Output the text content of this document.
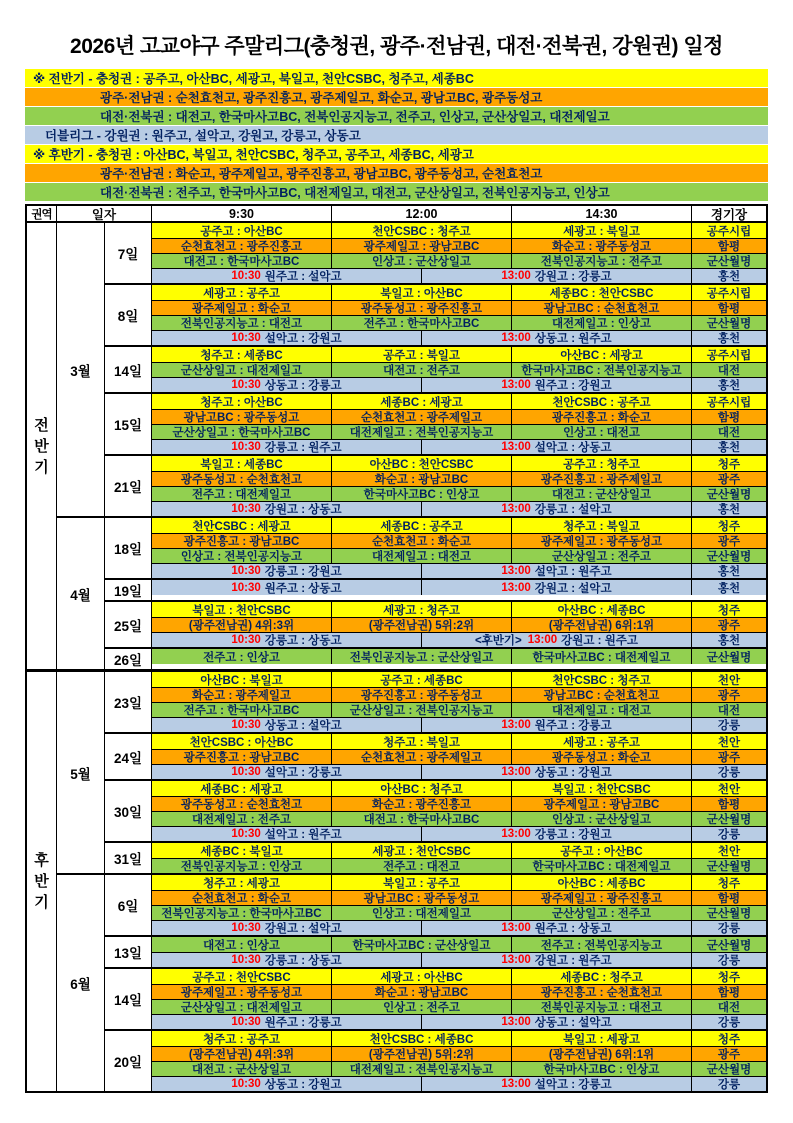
2026년 고교야구 주말리그(충청권, 광주·전남권, 대전·전북권, 강원권) 일정
※ 전반기 - 충청권 : 공주고, 아산BC, 세광고, 북일고, 천안CSBC, 청주고, 세종BC
광주·전남권 : 순천효천고, 광주진흥고, 광주제일고, 화순고, 광남고BC, 광주동성고
대전·전북권 : 대전고, 한국마사고BC, 전북인공지능고, 전주고, 인상고, 군산상일고, 대전제일고
더블리그 - 강원권 : 원주고, 설악고, 강원고, 강릉고, 상동고
※ 후반기 - 충청권 : 아산BC, 북일고, 천안CSBC, 청주고, 공주고, 세종BC, 세광고
광주·전남권 : 화순고, 광주제일고, 광주진흥고, 광남고BC, 광주동성고, 순천효천고
대전·전북권 : 전주고, 한국마사고BC, 대전제일고, 대전고, 군산상일고, 전북인공지능고, 인상고
권역	일자	9:30	12:00	14:30	경기장
전
반
기
3월
7일
공주고 : 아산BC	천안CSBC : 청주고	세광고 : 북일고	공주시립
순천효천고 : 광주진흥고	광주제일고 : 광남고BC	화순고 : 광주동성고	함평
대전고 : 한국마사고BC	인상고 : 군산상일고	전북인공지능고 : 전주고	군산월명
10:30 원주고 : 설악고	13:00 강원고 : 강릉고	홍천
8일
세광고 : 공주고	북일고 : 아산BC	세종BC : 천안CSBC	공주시립
광주제일고 : 화순고	광주동성고 : 광주진흥고	광남고BC : 순천효천고	함평
전북인공지능고 : 대전고	전주고 : 한국마사고BC	대전제일고 : 인상고	군산월명
10:30 설악고 : 강원고	13:00 상동고 : 원주고	홍천
14일
청주고 : 세종BC	공주고 : 북일고	아산BC : 세광고	공주시립
군산상일고 : 대전제일고	대전고 : 전주고	한국마사고BC : 전북인공지능고	대전
10:30 상동고 : 강릉고	13:00 원주고 : 강원고	홍천
15일
청주고 : 아산BC	세종BC : 세광고	천안CSBC : 공주고	공주시립
광남고BC : 광주동성고	순천효천고 : 광주제일고	광주진흥고 : 화순고	함평
군산상일고 : 한국마사고BC	대전제일고 : 전북인공지능고	인상고 : 대전고	대전
10:30 강릉고 : 원주고	13:00 설악고 : 상동고	홍천
21일
북일고 : 세종BC	아산BC : 천안CSBC	공주고 : 청주고	청주
광주동성고 : 순천효천고	화순고 : 광남고BC	광주진흥고 : 광주제일고	광주
전주고 : 대전제일고	한국마사고BC : 인상고	대전고 : 군산상일고	군산월명
10:30 강원고 : 상동고	13:00 강릉고 : 설악고	홍천
4월
18일
천안CSBC : 세광고	세종BC : 공주고	청주고 : 북일고	청주
광주진흥고 : 광남고BC	순천효천고 : 화순고	광주제일고 : 광주동성고	광주
인상고 : 전북인공지능고	대전제일고 : 대전고	군산상일고 : 전주고	군산월명
10:30 강릉고 : 강원고	13:00 설악고 : 원주고	홍천
19일	10:30 원주고 : 상동고	13:00 강원고 : 설악고	홍천
25일
북일고 : 천안CSBC	세광고 : 청주고	아산BC : 세종BC	청주
(광주전남권) 4위:3위	(광주전남권) 5위:2위	(광주전남권) 6위:1위	광주
10:30 강릉고 : 상동고	<후반기> 13:00 강원고 : 원주고	홍천
26일	전주고 : 인상고	전북인공지능고 : 군산상일고	한국마사고BC : 대전제일고	군산월명
후
반
기
5월
23일
아산BC : 북일고	공주고 : 세종BC	천안CSBC : 청주고	천안
화순고 : 광주제일고	광주진흥고 : 광주동성고	광남고BC : 순천효천고	광주
전주고 : 한국마사고BC	군산상일고 : 전북인공지능고	대전제일고 : 대전고	대전
10:30 상동고 : 설악고	13:00 원주고 : 강릉고	강릉
24일
천안CSBC : 아산BC	청주고 : 북일고	세광고 : 공주고	천안
광주진흥고 : 광남고BC	순천효천고 : 광주제일고	광주동성고 : 화순고	광주
10:30 설악고 : 강릉고	13:00 상동고 : 강원고	강릉
30일
세종BC : 세광고	아산BC : 청주고	북일고 : 천안CSBC	천안
광주동성고 : 순천효천고	화순고 : 광주진흥고	광주제일고 : 광남고BC	함평
대전제일고 : 전주고	대전고 : 한국마사고BC	인상고 : 군산상일고	군산월명
10:30 설악고 : 원주고	13:00 강릉고 : 강원고	강릉
31일
세종BC : 북일고	세광고 : 천안CSBC	공주고 : 아산BC	천안
전북인공지능고 : 인상고	전주고 : 대전고	한국마사고BC : 대전제일고	군산월명
6월
6일
청주고 : 세광고	북일고 : 공주고	아산BC : 세종BC	청주
순천효천고 : 화순고	광남고BC : 광주동성고	광주제일고 : 광주진흥고	함평
전북인공지능고 : 한국마사고BC	인상고 : 대전제일고	군산상일고 : 전주고	군산월명
10:30 강원고 : 설악고	13:00 원주고 : 상동고	강릉
13일
대전고 : 인상고	한국마사고BC : 군산상일고	전주고 : 전북인공지능고	군산월명
10:30 강릉고 : 상동고	13:00 강원고 : 원주고	강릉
14일
공주고 : 천안CSBC	세광고 : 아산BC	세종BC : 청주고	청주
광주제일고 : 광주동성고	화순고 : 광남고BC	광주진흥고 : 순천효천고	함평
군산상일고 : 대전제일고	인상고 : 전주고	전북인공지능고 : 대전고	대전
10:30 원주고 : 강릉고	13:00 상동고 : 설악고	강릉
20일
청주고 : 공주고	천안CSBC : 세종BC	북일고 : 세광고	청주
(광주전남권) 4위:3위	(광주전남권) 5위:2위	(광주전남권) 6위:1위	광주
대전고 : 군산상일고	대전제일고 : 전북인공지능고	한국마사고BC : 인상고	군산월명
10:30 상동고 : 강원고	13:00 설악고 : 강릉고	강릉
